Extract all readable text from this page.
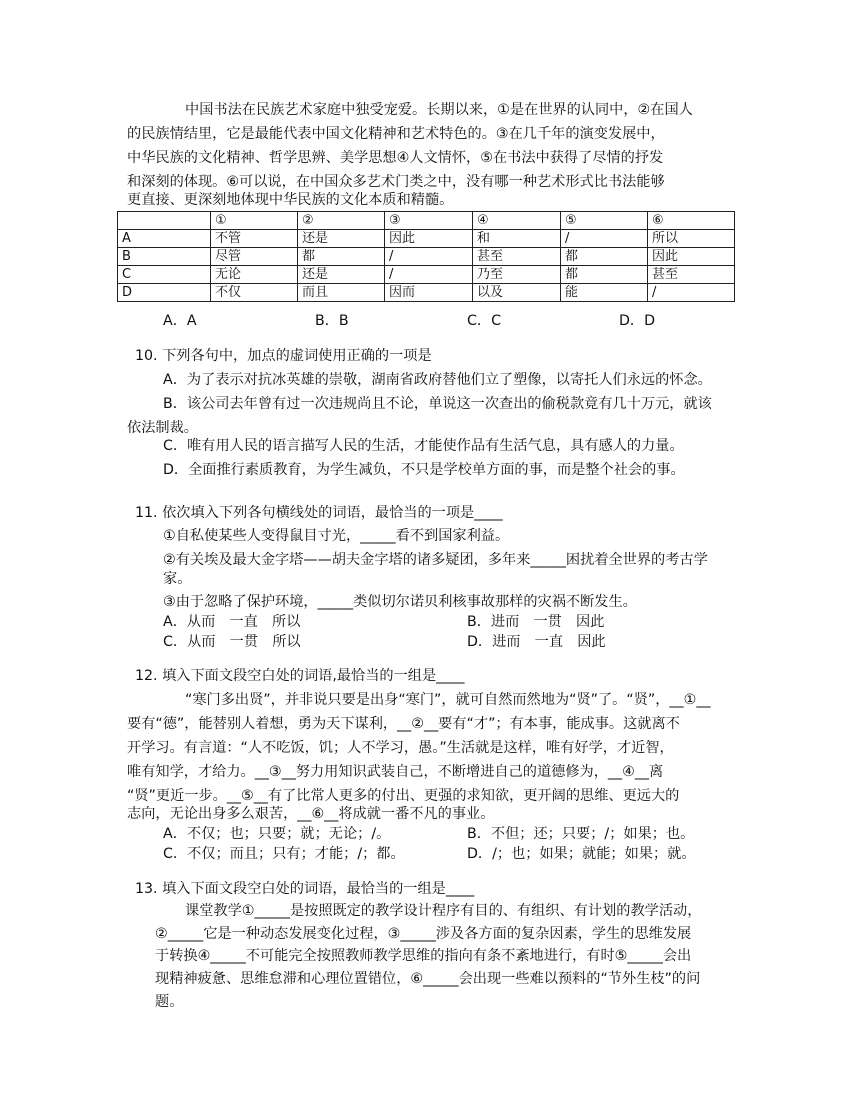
中国书法在民族艺术家庭中独受宠爱。长期以来，①是在世界的认同中，②在国人
的民族情结里，它是最能代表中国文化精神和艺术特色的。③在几千年的演变发展中，
中华民族的文化精神、哲学思辨、美学思想④人文情怀，⑤在书法中获得了尽情的抒发
和深刻的体现。⑥可以说，在中国众多艺术门类之中，没有哪一种艺术形式比书法能够
更直接、更深刻地体现中华民族的文化本质和精髓。
	①	②	③	④	⑤	⑥
A	不管	还是	因此	和	/	所以
B	尽管	都	/	甚至	都	因此
C	无论	还是	/	乃至	都	甚至
D	不仅	而且	因而	以及	能	/
A．A	B．B	C．C	D．D
10. 下列各句中，加点的虚词使用正确的一项是
A．为了表示对抗冰英雄的崇敬，湖南省政府替他们立了塑像，以寄托人们永远的怀念。
B．该公司去年曾有过一次违规尚且不论，单说这一次查出的偷税款竟有几十万元，就该
依法制裁。
C．唯有用人民的语言描写人民的生活，才能使作品有生活气息，具有感人的力量。
D．全面推行素质教育，为学生减负，不只是学校单方面的事，而是整个社会的事。
11. 依次填入下列各句横线处的词语，最恰当的一项是____
①自私使某些人变得鼠目寸光，_____看不到国家利益。
②有关埃及最大金字塔——胡夫金字塔的诸多疑团，多年来_____困扰着全世界的考古学
家。
③由于忽略了保护环境，_____类似切尔诺贝利核事故那样的灾祸不断发生。
A．从而　一直　所以	B．进而　一贯　因此
C．从而　一贯　所以	D．进而　一直　因此
12. 填入下面文段空白处的词语,最恰当的一组是____
“寒门多出贤”，并非说只要是出身“寒门”，就可自然而然地为“贤”了。“贤”，__①__
要有“德”，能替别人着想，勇为天下谋利，__②__要有“才”；有本事，能成事。这就离不
开学习。有言道：“人不吃饭，饥；人不学习，愚。”生活就是这样，唯有好学，才近智，
唯有知学，才给力。__③__努力用知识武装自己，不断增进自己的道德修为，__④__离
“贤”更近一步。__⑤__有了比常人更多的付出、更强的求知欲，更开阔的思维、更远大的
志向，无论出身多么艰苦，__⑥__将成就一番不凡的事业。
A．不仅；也；只要；就；无论；/。	B．不但；还；只要；/；如果；也。
C．不仅；而且；只有；才能；/；都。	D．/；也；如果；就能；如果；就。
13. 填入下面文段空白处的词语，最恰当的一组是____
课堂教学①_____是按照既定的教学设计程序有目的、有组织、有计划的教学活动，
②_____它是一种动态发展变化过程，③_____涉及各方面的复杂因素，学生的思维发展
于转换④_____不可能完全按照教师教学思维的指向有条不紊地进行，有时⑤_____会出
现精神疲惫、思维怠滞和心理位置错位，⑥_____会出现一些难以预料的“节外生枝”的问
题。
